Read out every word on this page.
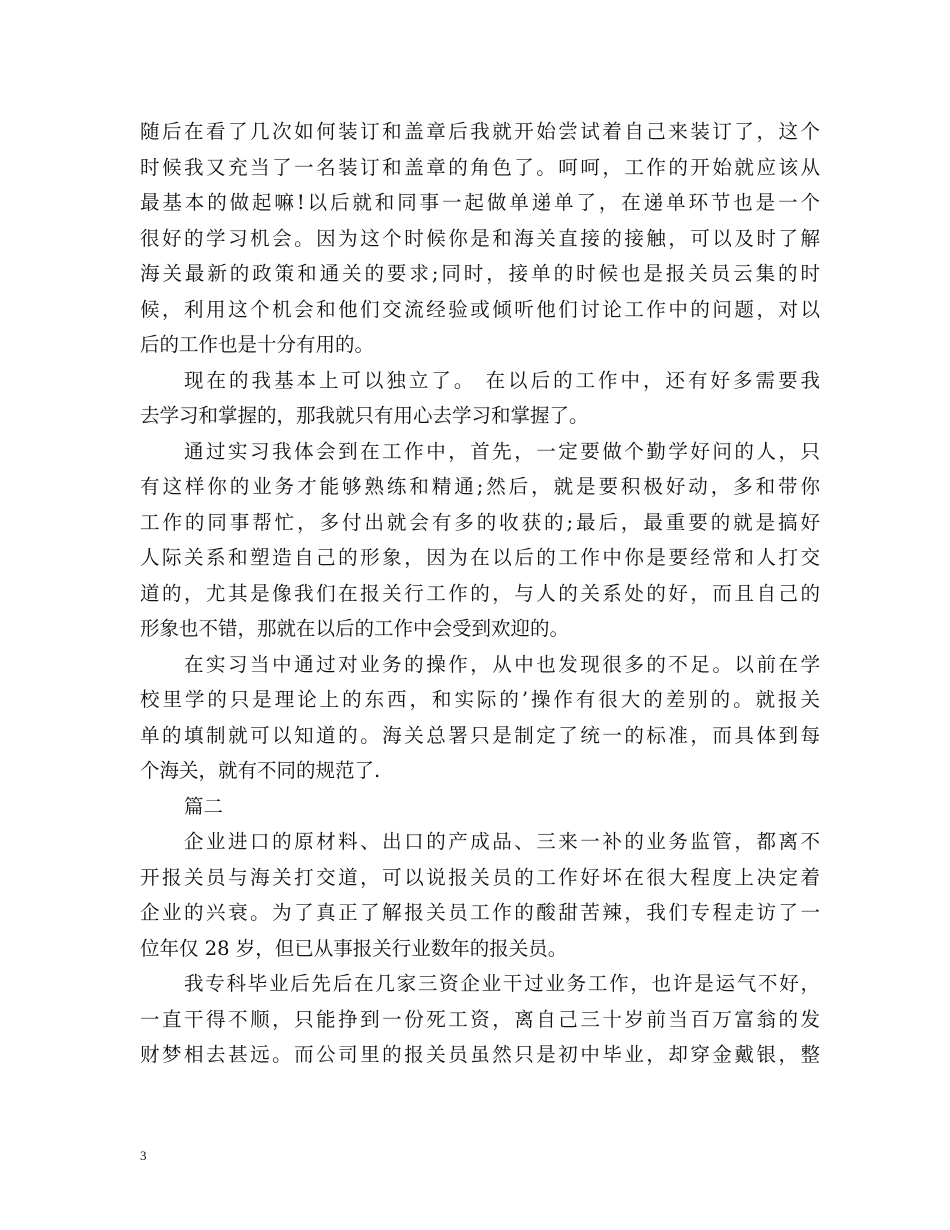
随后在看了几次如何装订和盖章后我就开始尝试着自己来装订了，这个
时候我又充当了一名装订和盖章的角色了。呵呵，工作的开始就应该从
最基本的做起嘛!以后就和同事一起做单递单了，在递单环节也是一个
很好的学习机会。因为这个时候你是和海关直接的接触，可以及时了解
海关最新的政策和通关的要求;同时，接单的时候也是报关员云集的时
候，利用这个机会和他们交流经验或倾听他们讨论工作中的问题，对以
后的工作也是十分有用的。
现在的我基本上可以独立了。 在以后的工作中，还有好多需要我
去学习和掌握的，那我就只有用心去学习和掌握了。
通过实习我体会到在工作中，首先，一定要做个勤学好问的人，只
有这样你的业务才能够熟练和精通;然后，就是要积极好动，多和带你
工作的同事帮忙，多付出就会有多的收获的;最后，最重要的就是搞好
人际关系和塑造自己的形象，因为在以后的工作中你是要经常和人打交
道的，尤其是像我们在报关行工作的，与人的关系处的好，而且自己的
形象也不错，那就在以后的工作中会受到欢迎的。
在实习当中通过对业务的操作，从中也发现很多的不足。以前在学
校里学的只是理论上的东西，和实际的’操作有很大的差别的。就报关
单的填制就可以知道的。海关总署只是制定了统一的标准，而具体到每
个海关，就有不同的规范了.
篇二
企业进口的原材料、出口的产成品、三来一补的业务监管，都离不
开报关员与海关打交道，可以说报关员的工作好坏在很大程度上决定着
企业的兴衰。为了真正了解报关员工作的酸甜苦辣，我们专程走访了一
位年仅 28 岁，但已从事报关行业数年的报关员。
我专科毕业后先后在几家三资企业干过业务工作，也许是运气不好，
一直干得不顺，只能挣到一份死工资，离自己三十岁前当百万富翁的发
财梦相去甚远。而公司里的报关员虽然只是初中毕业，却穿金戴银，整
3
